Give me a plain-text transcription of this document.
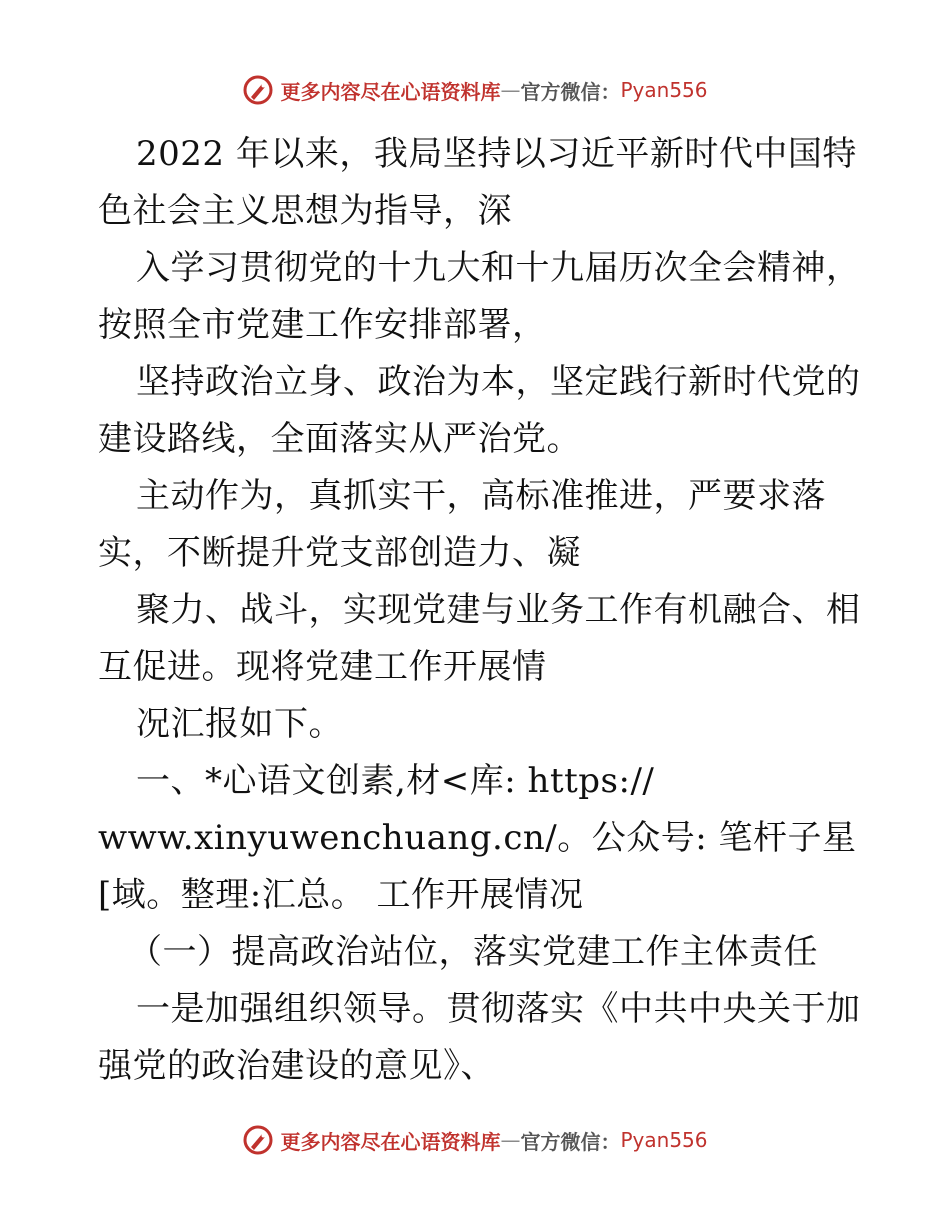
更多内容尽在心语资料库 — 官方微信： Pyan556

2022 年以来，我局坚持以习近平新时代中国特

色社会主义思想为指导，深

入学习贯彻党的十九大和十九届历次全会精神，

按照全市党建工作安排部署，

坚持政治立身、政治为本，坚定践行新时代党的

建设路线，全面落实从严治党。

主动作为，真抓实干，高标准推进，严要求落

实，不断提升党支部创造力、凝

聚力、战斗，实现党建与业务工作有机融合、相

互促进。现将党建工作开展情

况汇报如下。

一、*心语文创素,材<库: https://

www.xinyuwenchuang.cn/。公众号: 笔杆子星

[域。整理:汇总。 工作开展情况

（一）提高政治站位，落实党建工作主体责任

一是加强组织领导。贯彻落实《中共中央关于加

强党的政治建设的意见》、

更多内容尽在心语资料库 — 官方微信： Pyan556
